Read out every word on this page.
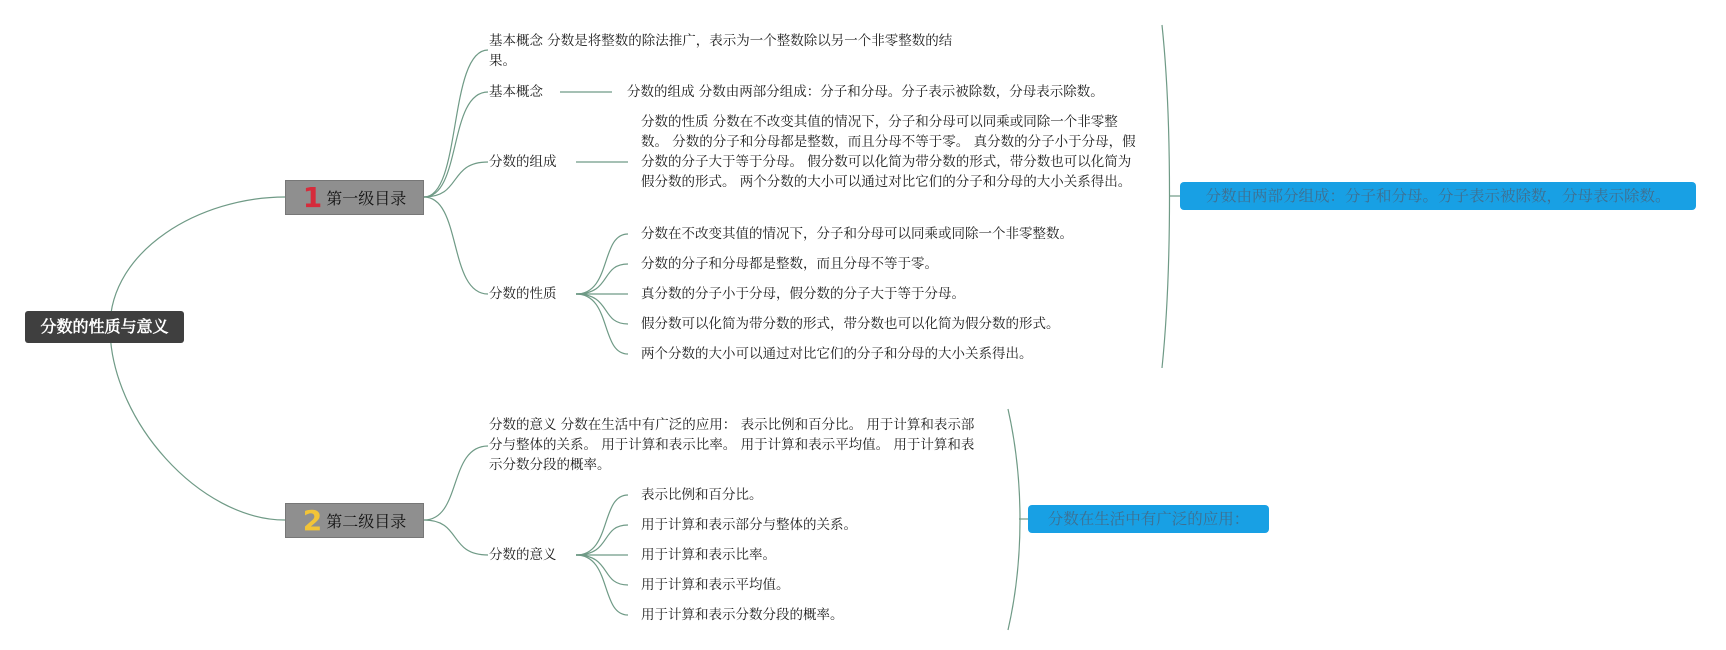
分数的性质与意义
1 第一级目录
2 第二级目录
基本概念 分数是将整数的除法推广，表示为一个整数除以另一个非零整数的结果。
基本概念	分数的组成 分数由两部分组成：分子和分母。分子表示被除数，分母表示除数。
分数的组成
分数的性质 分数在不改变其值的情况下，分子和分母可以同乘或同除一个非零整数。 分数的分子和分母都是整数，而且分母不等于零。 真分数的分子小于分母，假分数的分子大于等于分母。 假分数可以化简为带分数的形式，带分数也可以化简为假分数的形式。 两个分数的大小可以通过对比它们的分子和分母的大小关系得出。
分数的性质
分数在不改变其值的情况下，分子和分母可以同乘或同除一个非零整数。
分数的分子和分母都是整数，而且分母不等于零。
真分数的分子小于分母，假分数的分子大于等于分母。
假分数可以化简为带分数的形式，带分数也可以化简为假分数的形式。
两个分数的大小可以通过对比它们的分子和分母的大小关系得出。
分数由两部分组成：分子和分母。分子表示被除数，分母表示除数。
分数的意义 分数在生活中有广泛的应用： 表示比例和百分比。 用于计算和表示部分与整体的关系。 用于计算和表示比率。 用于计算和表示平均值。 用于计算和表示分数分段的概率。
分数的意义
表示比例和百分比。
用于计算和表示部分与整体的关系。
用于计算和表示比率。
用于计算和表示平均值。
用于计算和表示分数分段的概率。
分数在生活中有广泛的应用：
